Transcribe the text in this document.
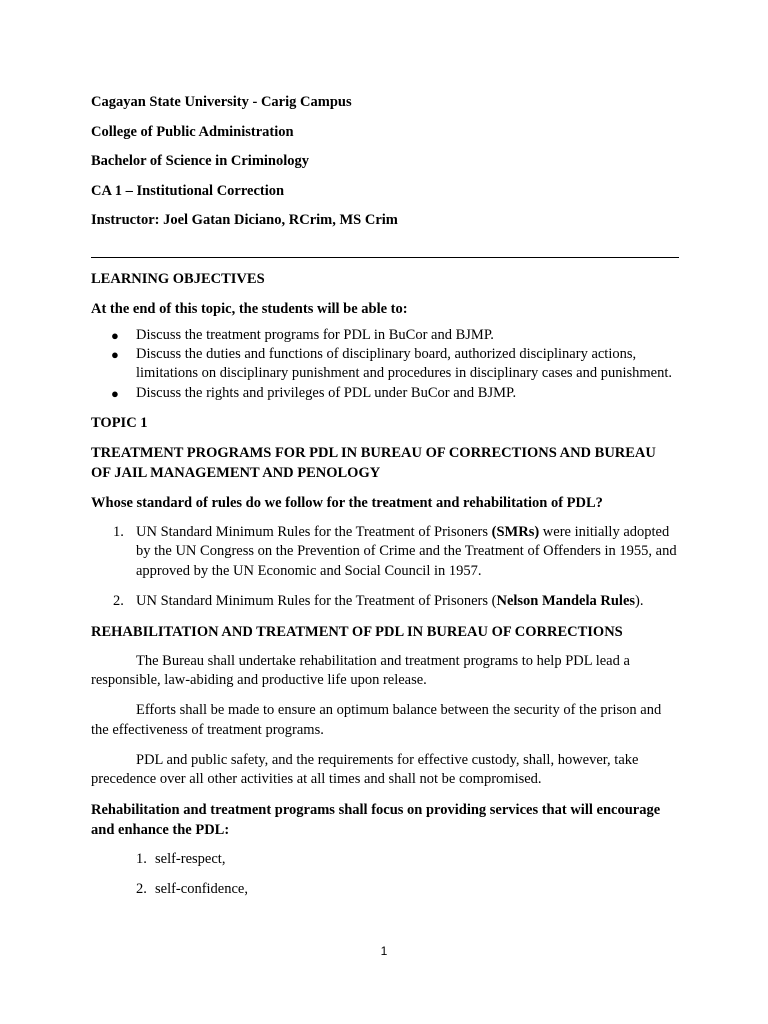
Cagayan State University - Carig Campus
College of Public Administration
Bachelor of Science in Criminology
CA 1 – Institutional Correction
Instructor: Joel Gatan Diciano, RCrim, MS Crim
LEARNING OBJECTIVES
At the end of this topic, the students will be able to:
● Discuss the treatment programs for PDL in BuCor and BJMP.
● Discuss the duties and functions of disciplinary board, authorized disciplinary actions, limitations on disciplinary punishment and procedures in disciplinary cases and punishment.
● Discuss the rights and privileges of PDL under BuCor and BJMP.
TOPIC 1
TREATMENT PROGRAMS FOR PDL IN BUREAU OF CORRECTIONS AND BUREAU OF JAIL MANAGEMENT AND PENOLOGY
Whose standard of rules do we follow for the treatment and rehabilitation of PDL?
1. UN Standard Minimum Rules for the Treatment of Prisoners (SMRs) were initially adopted by the UN Congress on the Prevention of Crime and the Treatment of Offenders in 1955, and approved by the UN Economic and Social Council in 1957.
2. UN Standard Minimum Rules for the Treatment of Prisoners (Nelson Mandela Rules).
REHABILITATION AND TREATMENT OF PDL IN BUREAU OF CORRECTIONS
The Bureau shall undertake rehabilitation and treatment programs to help PDL lead a responsible, law-abiding and productive life upon release.
Efforts shall be made to ensure an optimum balance between the security of the prison and the effectiveness of treatment programs.
PDL and public safety, and the requirements for effective custody, shall, however, take precedence over all other activities at all times and shall not be compromised.
Rehabilitation and treatment programs shall focus on providing services that will encourage and enhance the PDL:
1. self-respect,
2. self-confidence,
1
